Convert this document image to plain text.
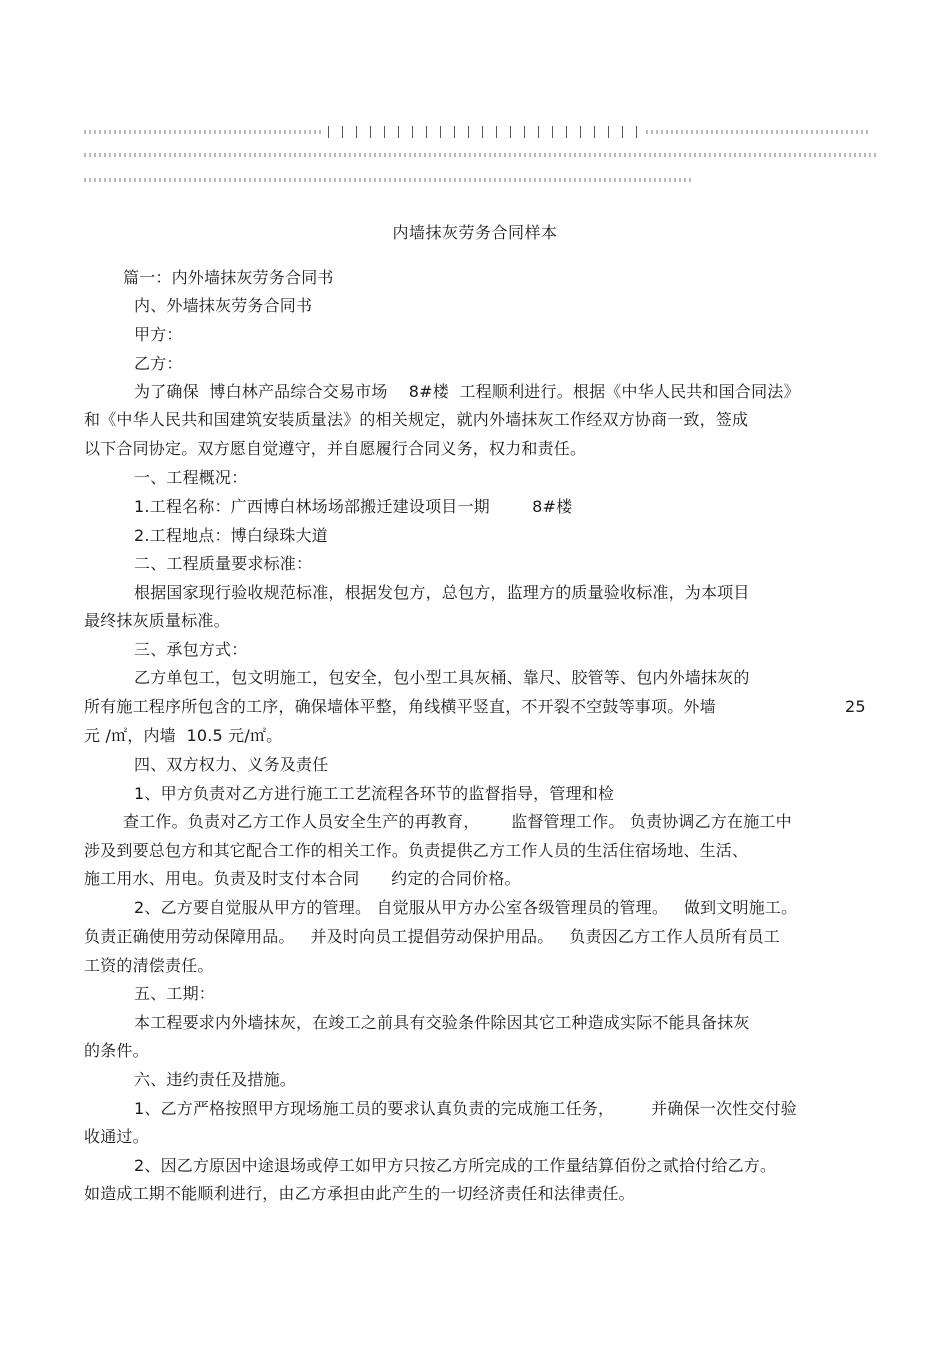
内墙抹灰劳务合同样本
篇一：内外墙抹灰劳务合同书
内、外墙抹灰劳务合同书
甲方：
乙方：
为了确保  博白林产品综合交易市场    8#楼  工程顺利进行。根据《中华人民共和国合同法》
和《中华人民共和国建筑安装质量法》的相关规定，就内外墙抹灰工作经双方协商一致，签成
以下合同协定。双方愿自觉遵守，并自愿履行合同义务，权力和责任。
一、工程概况：
1.工程名称：广西博白林场场部搬迁建设项目一期        8#楼
2.工程地点：博白绿珠大道
二、工程质量要求标准：
根据国家现行验收规范标准，根据发包方，总包方，监理方的质量验收标准，为本项目
最终抹灰质量标准。
三、承包方式：
乙方单包工，包文明施工，包安全，包小型工具灰桶、靠尺、胶管等、包内外墙抹灰的
所有施工程序所包含的工序，确保墙体平整，角线横平竖直，不开裂不空鼓等事项。外墙	25
元 /㎡，内墙  10.5 元/㎡。
四、双方权力、义务及责任
1、甲方负责对乙方进行施工工艺流程各环节的监督指导，管理和检
查工作。负责对乙方工作人员安全生产的再教育，      监督管理工作。 负责协调乙方在施工中
涉及到要总包方和其它配合工作的相关工作。负责提供乙方工作人员的生活住宿场地、生活、
施工用水、用电。负责及时支付本合同      约定的合同价格。
2、乙方要自觉服从甲方的管理。 自觉服从甲方办公室各级管理员的管理。   做到文明施工。
负责正确使用劳动保障用品。   并及时向员工提倡劳动保护用品。   负责因乙方工作人员所有员工
工资的清偿责任。
五、工期：
本工程要求内外墙抹灰，在竣工之前具有交验条件除因其它工种造成实际不能具备抹灰
的条件。
六、违约责任及措施。
1、乙方严格按照甲方现场施工员的要求认真负责的完成施工任务，       并确保一次性交付验
收通过。
2、因乙方原因中途退场或停工如甲方只按乙方所完成的工作量结算佰份之贰拾付给乙方。
如造成工期不能顺利进行，由乙方承担由此产生的一切经济责任和法律责任。
